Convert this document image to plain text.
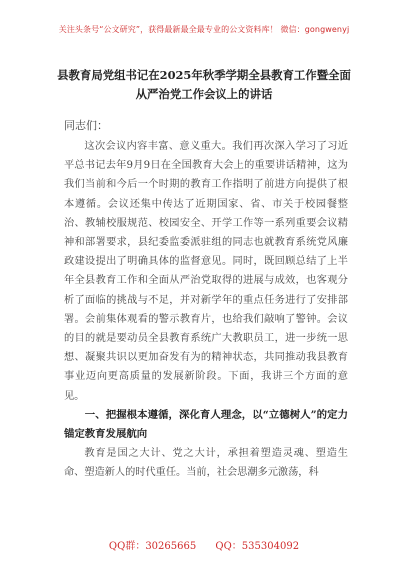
关注头条号“公文研究”，获得最新最全最专业的公文资料库！ 微信：gongwenyj
县教育局党组书记在2025年秋季学期全县教育工作暨全面
从严治党工作会议上的讲话
同志们：

这次会议内容丰富、意义重大。我们再次深入学习了习近平总书记去年9月9日在全国教育大会上的重要讲话精神，这为我们当前和今后一个时期的教育工作指明了前进方向提供了根本遵循。会议还集中传达了近期国家、省、市关于校园餐整治、教辅校服规范、校园安全、开学工作等一系列重要会议精神和部署要求，县纪委监委派驻组的同志也就教育系统党风廉政建设提出了明确具体的监督意见。同时，既回顾总结了上半年全县教育工作和全面从严治党取得的进展与成效，也客观分析了面临的挑战与不足，并对新学年的重点任务进行了安排部署。会前集体观看的警示教育片，也给我们敲响了警钟。会议的目的就是要动员全县教育系统广大教职员工，进一步统一思想、凝聚共识以更加奋发有为的精神状态，共同推动我县教育事业迈向更高质量的发展新阶段。下面，我讲三个方面的意见。

一、把握根本遵循，深化育人理念，以“立德树人”的定力锚定教育发展航向

教育是国之大计、党之大计，承担着塑造灵魂、塑造生命、塑造新人的时代重任。当前，社会思潮多元激荡，科

QQ群：30265665 QQ：535304092
